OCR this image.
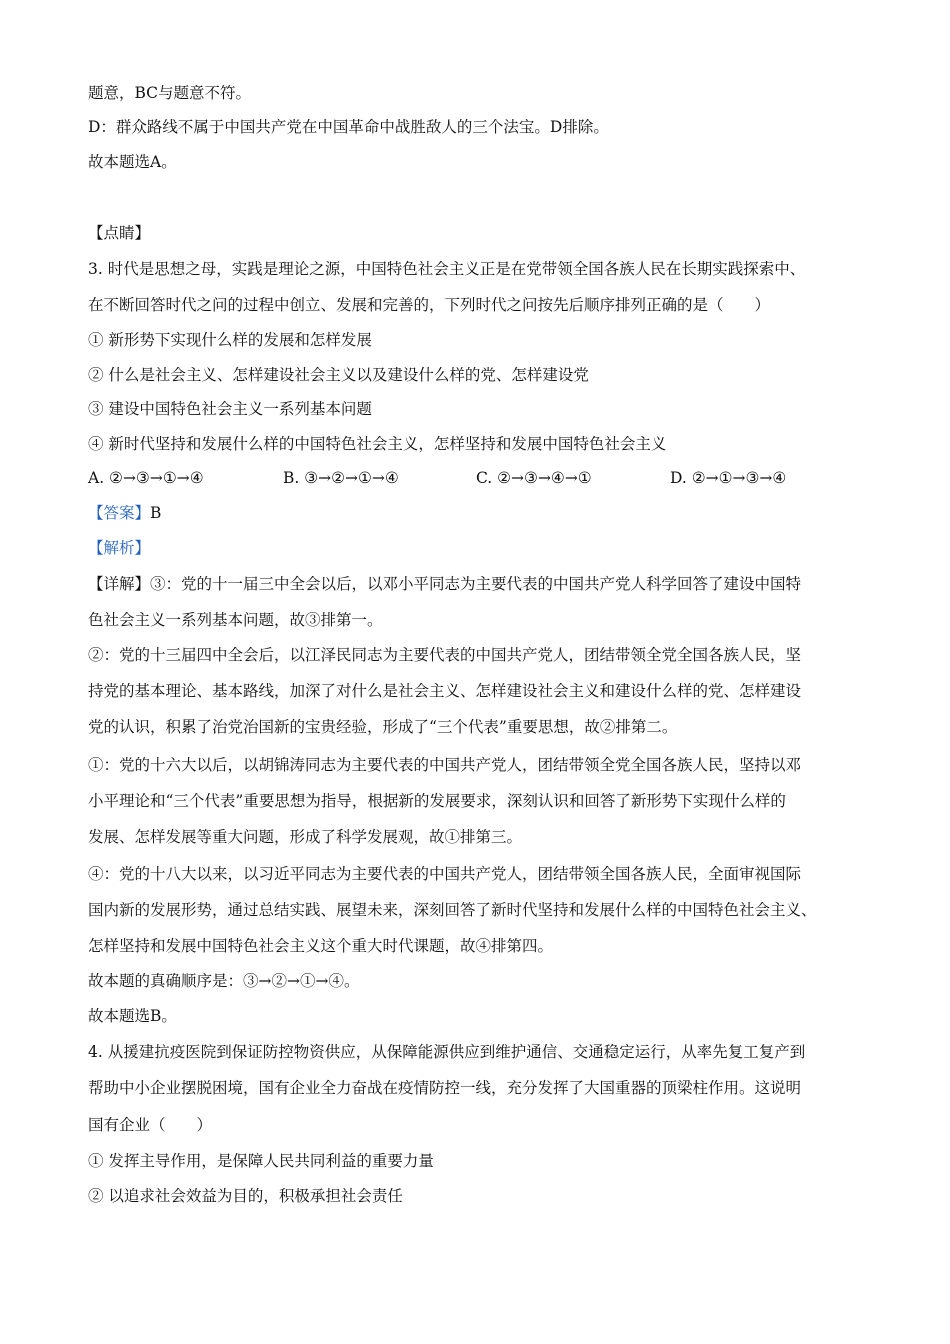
题意，BC与题意不符。
D：群众路线不属于中国共产党在中国革命中战胜敌人的三个法宝。D排除。
故本题选A。
【点睛】
3. 时代是思想之母，实践是理论之源，中国特色社会主义正是在党带领全国各族人民在长期实践探索中、
在不断回答时代之问的过程中创立、发展和完善的，下列时代之问按先后顺序排列正确的是（　　）
① 新形势下实现什么样的发展和怎样发展
② 什么是社会主义、怎样建设社会主义以及建设什么样的党、怎样建设党
③ 建设中国特色社会主义一系列基本问题
④ 新时代坚持和发展什么样的中国特色社会主义，怎样坚持和发展中国特色社会主义
A. ②→③→①→④	B. ③→②→①→④	C. ②→③→④→①	D. ②→①→③→④
【答案】B
【解析】
【详解】③：党的十一届三中全会以后，以邓小平同志为主要代表的中国共产党人科学回答了建设中国特
色社会主义一系列基本问题，故③排第一。
②：党的十三届四中全会后，以江泽民同志为主要代表的中国共产党人，团结带领全党全国各族人民，坚
持党的基本理论、基本路线，加深了对什么是社会主义、怎样建设社会主义和建设什么样的党、怎样建设
党的认识，积累了治党治国新的宝贵经验，形成了“三个代表”重要思想，故②排第二。
①：党的十六大以后，以胡锦涛同志为主要代表的中国共产党人，团结带领全党全国各族人民，坚持以邓
小平理论和“三个代表”重要思想为指导，根据新的发展要求，深刻认识和回答了新形势下实现什么样的
发展、怎样发展等重大问题，形成了科学发展观，故①排第三。
④：党的十八大以来，以习近平同志为主要代表的中国共产党人，团结带领全国各族人民，全面审视国际
国内新的发展形势，通过总结实践、展望未来，深刻回答了新时代坚持和发展什么样的中国特色社会主义、
怎样坚持和发展中国特色社会主义这个重大时代课题，故④排第四。
故本题的真确顺序是：③→②→①→④。
故本题选B。
4. 从援建抗疫医院到保证防控物资供应，从保障能源供应到维护通信、交通稳定运行，从率先复工复产到
帮助中小企业摆脱困境，国有企业全力奋战在疫情防控一线，充分发挥了大国重器的顶梁柱作用。这说明
国有企业（　　）
① 发挥主导作用，是保障人民共同利益的重要力量
② 以追求社会效益为目的，积极承担社会责任
